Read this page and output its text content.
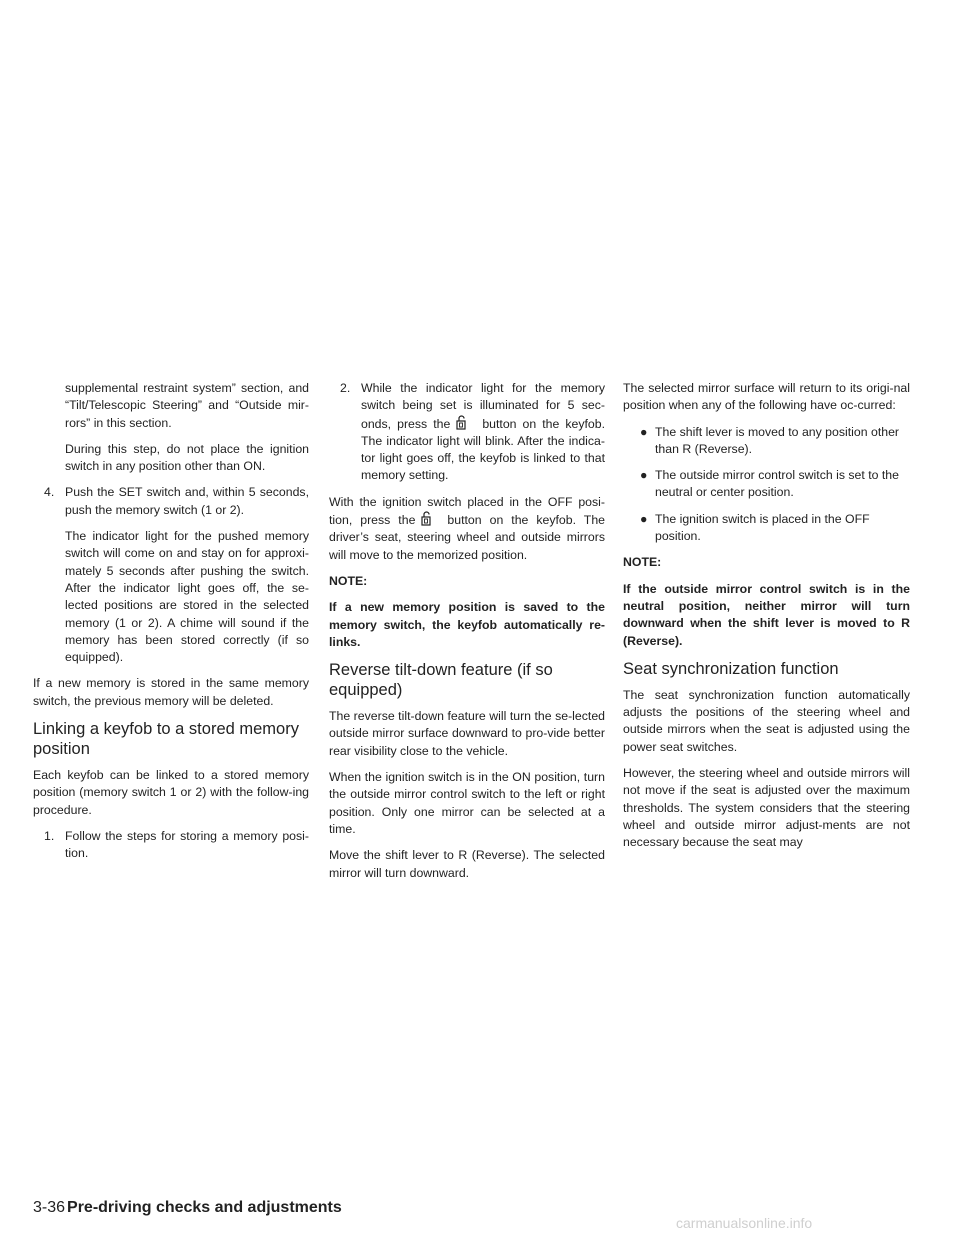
supplemental restraint system” section, and “Tilt/Telescopic Steering” and “Outside mir-rors” in this section.

During this step, do not place the ignition switch in any position other than ON.

4. Push the SET switch and, within 5 seconds, push the memory switch (1 or 2).

The indicator light for the pushed memory switch will come on and stay on for approxi-mately 5 seconds after pushing the switch. After the indicator light goes off, the se-lected positions are stored in the selected memory (1 or 2). A chime will sound if the memory has been stored correctly (if so equipped).

If a new memory is stored in the same memory switch, the previous memory will be deleted.

Linking a keyfob to a stored memory position

Each keyfob can be linked to a stored memory position (memory switch 1 or 2) with the follow-ing procedure.

1. Follow the steps for storing a memory posi-tion.

2. While the indicator light for the memory switch being set is illuminated for 5 sec-onds, press the	button on the keyfob. The indicator light will blink. After the indica-tor light goes off, the keyfob is linked to that memory setting.

With the ignition switch placed in the OFF posi-tion, press the	button on the keyfob. The driver’s seat, steering wheel and outside mirrors will move to the memorized position.

NOTE:

If a new memory position is saved to the memory switch, the keyfob automatically re-links.

Reverse tilt-down feature (if so equipped)

The reverse tilt-down feature will turn the se-lected outside mirror surface downward to pro-vide better rear visibility close to the vehicle.

When the ignition switch is in the ON position, turn the outside mirror control switch to the left or right position. Only one mirror can be selected at a time.

Move the shift lever to R (Reverse). The selected mirror will turn downward.

The selected mirror surface will return to its origi-nal position when any of the following have oc-curred:

● The shift lever is moved to any position other than R (Reverse).
● The outside mirror control switch is set to the neutral or center position.
● The ignition switch is placed in the OFF position.

NOTE:

If the outside mirror control switch is in the neutral position, neither mirror will turn downward when the shift lever is moved to R (Reverse).

Seat synchronization function

The seat synchronization function automatically adjusts the positions of the steering wheel and outside mirrors when the seat is adjusted using the power seat switches.

However, the steering wheel and outside mirrors will not move if the seat is adjusted over the maximum thresholds. The system considers that the steering wheel and outside mirror adjust-ments are not necessary because the seat may

3-36 Pre-driving checks and adjustments
carmanualsonline.info
